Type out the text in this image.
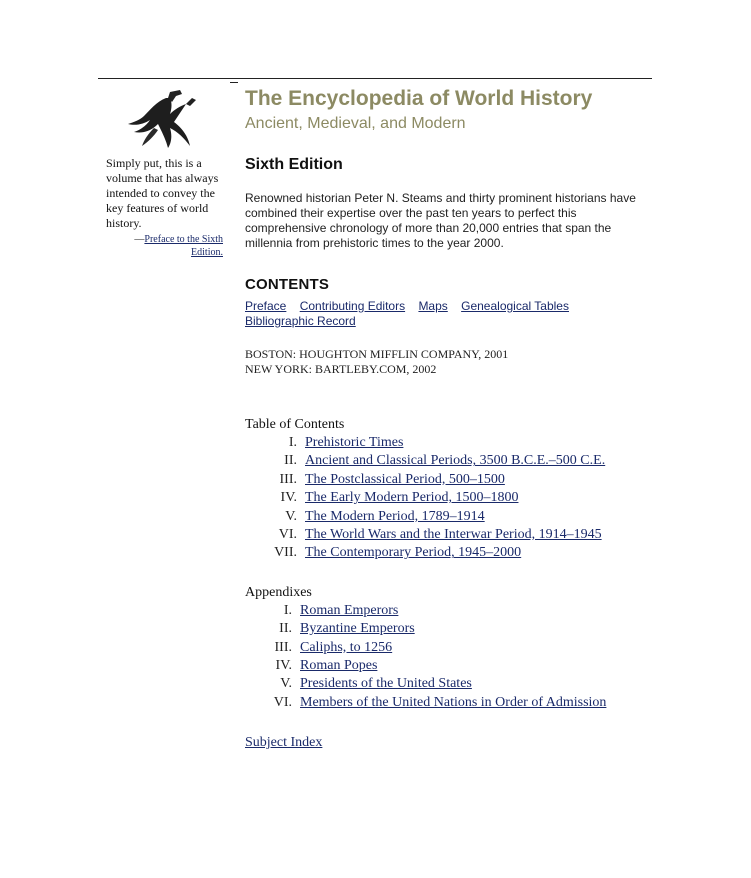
Simply put, this is a volume that has always intended to convey the key features of world history.
—Preface to the Sixth Edition.
The Encyclopedia of World History
Ancient, Medieval, and Modern
Sixth Edition
Renowned historian Peter N. Steams and thirty prominent historians have combined their expertise over the past ten years to perfect this comprehensive chronology of more than 20,000 entries that span the millennia from prehistoric times to the year 2000.
CONTENTS
Preface Contributing Editors Maps Genealogical Tables
Bibliographic Record
BOSTON: HOUGHTON MIFFLIN COMPANY, 2001
NEW YORK: BARTLEBY.COM, 2002
Table of Contents
I. Prehistoric Times
II. Ancient and Classical Periods, 3500 B.C.E.–500 C.E.
III. The Postclassical Period, 500–1500
IV. The Early Modern Period, 1500–1800
V. The Modern Period, 1789–1914
VI. The World Wars and the Interwar Period, 1914–1945
VII. The Contemporary Period, 1945–2000
Appendixes
I. Roman Emperors
II. Byzantine Emperors
III. Caliphs, to 1256
IV. Roman Popes
V. Presidents of the United States
VI. Members of the United Nations in Order of Admission
Subject Index
